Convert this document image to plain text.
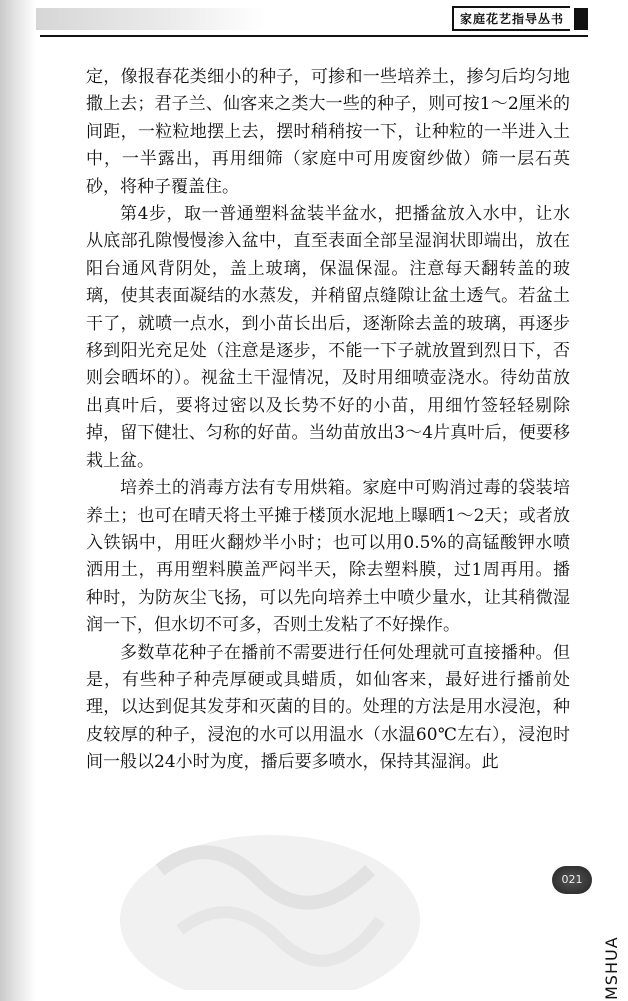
家庭花艺指导丛书

定，像报春花类细小的种子，可掺和一些培养土，掺匀后均匀地撒上去；君子兰、仙客来之类大一些的种子，则可按1～2厘米的间距，一粒粒地摆上去，摆时稍稍按一下，让种粒的一半进入土中，一半露出，再用细筛（家庭中可用废窗纱做）筛一层石英砂，将种子覆盖住。

第4步，取一普通塑料盆装半盆水，把播盆放入水中，让水从底部孔隙慢慢渗入盆中，直至表面全部呈湿润状即端出，放在阳台通风背阴处，盖上玻璃，保温保湿。注意每天翻转盖的玻璃，使其表面凝结的水蒸发，并稍留点缝隙让盆土透气。若盆土干了，就喷一点水，到小苗长出后，逐渐除去盖的玻璃，再逐步移到阳光充足处（注意是逐步，不能一下子就放置到烈日下，否则会晒坏的）。视盆土干湿情况，及时用细喷壶浇水。待幼苗放出真叶后，要将过密以及长势不好的小苗，用细竹签轻轻剔除掉，留下健壮、匀称的好苗。当幼苗放出3～4片真叶后，便要移栽上盆。

培养土的消毒方法有专用烘箱。家庭中可购消过毒的袋装培养土；也可在晴天将土平摊于楼顶水泥地上曝晒1～2天；或者放入铁锅中，用旺火翻炒半小时；也可以用0.5%的高锰酸钾水喷洒用土，再用塑料膜盖严闷半天，除去塑料膜，过1周再用。播种时，为防灰尘飞扬，可以先向培养土中喷少量水，让其稍微湿润一下，但水切不可多，否则土发粘了不好操作。

多数草花种子在播前不需要进行任何处理就可直接播种。但是，有些种子种壳厚硬或具蜡质，如仙客来，最好进行播前处理，以达到促其发芽和灭菌的目的。处理的方法是用水浸泡，种皮较厚的种子，浸泡的水可以用温水（水温60℃左右），浸泡时间一般以24小时为度，播后要多喷水，保持其湿润。此

021
MSHUA
